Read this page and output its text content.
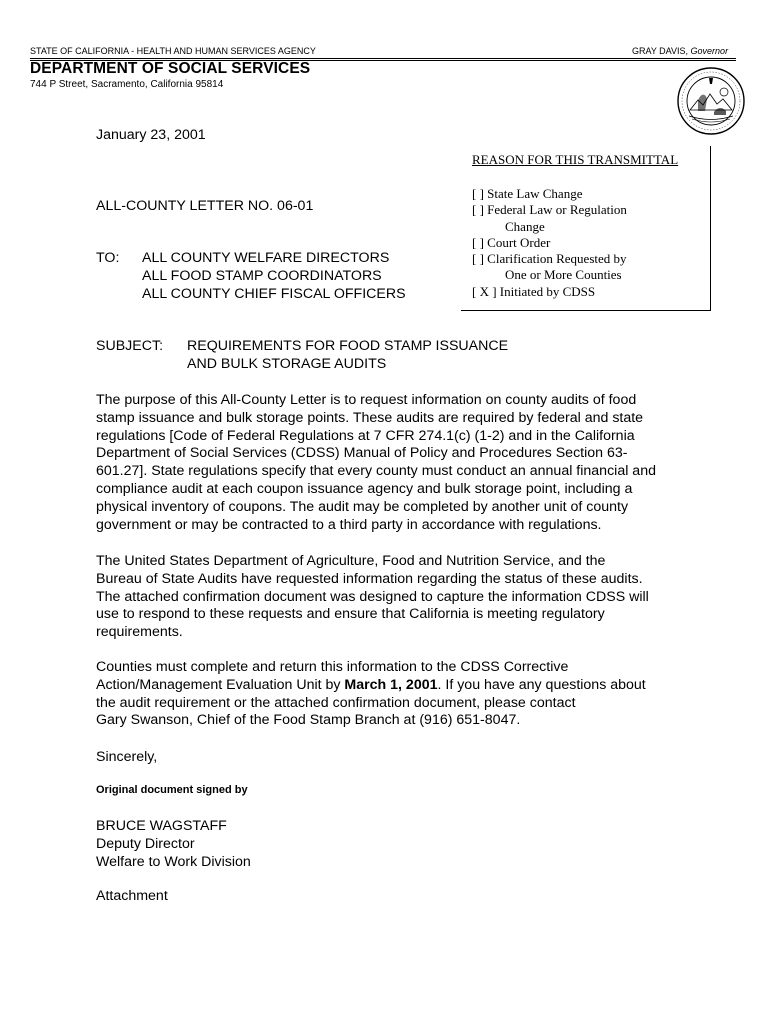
STATE OF CALIFORNIA - HEALTH AND HUMAN SERVICES AGENCY	GRAY DAVIS, Governor
DEPARTMENT OF SOCIAL SERVICES
744 P Street, Sacramento, California 95814
January 23, 2001
ALL-COUNTY LETTER NO. 06-01
REASON FOR THIS TRANSMITTAL
[ ] State Law Change
[ ] Federal Law or Regulation
Change
[ ] Court Order
[ ] Clarification Requested by
One or More Counties
[ X ] Initiated by CDSS
TO: ALL COUNTY WELFARE DIRECTORS
ALL FOOD STAMP COORDINATORS
ALL COUNTY CHIEF FISCAL OFFICERS
SUBJECT: REQUIREMENTS FOR FOOD STAMP ISSUANCE
AND BULK STORAGE AUDITS
The purpose of this All-County Letter is to request information on county audits of food
stamp issuance and bulk storage points. These audits are required by federal and state
regulations [Code of Federal Regulations at 7 CFR 274.1(c) (1-2) and in the California
Department of Social Services (CDSS) Manual of Policy and Procedures Section 63-
601.27]. State regulations specify that every county must conduct an annual financial and
compliance audit at each coupon issuance agency and bulk storage point, including a
physical inventory of coupons. The audit may be completed by another unit of county
government or may be contracted to a third party in accordance with regulations.
The United States Department of Agriculture, Food and Nutrition Service, and the
Bureau of State Audits have requested information regarding the status of these audits.
The attached confirmation document was designed to capture the information CDSS will
use to respond to these requests and ensure that California is meeting regulatory
requirements.
Counties must complete and return this information to the CDSS Corrective
Action/Management Evaluation Unit by March 1, 2001. If you have any questions about
the audit requirement or the attached confirmation document, please contact
Gary Swanson, Chief of the Food Stamp Branch at (916) 651-8047.
Sincerely,
Original document signed by
BRUCE WAGSTAFF
Deputy Director
Welfare to Work Division
Attachment
